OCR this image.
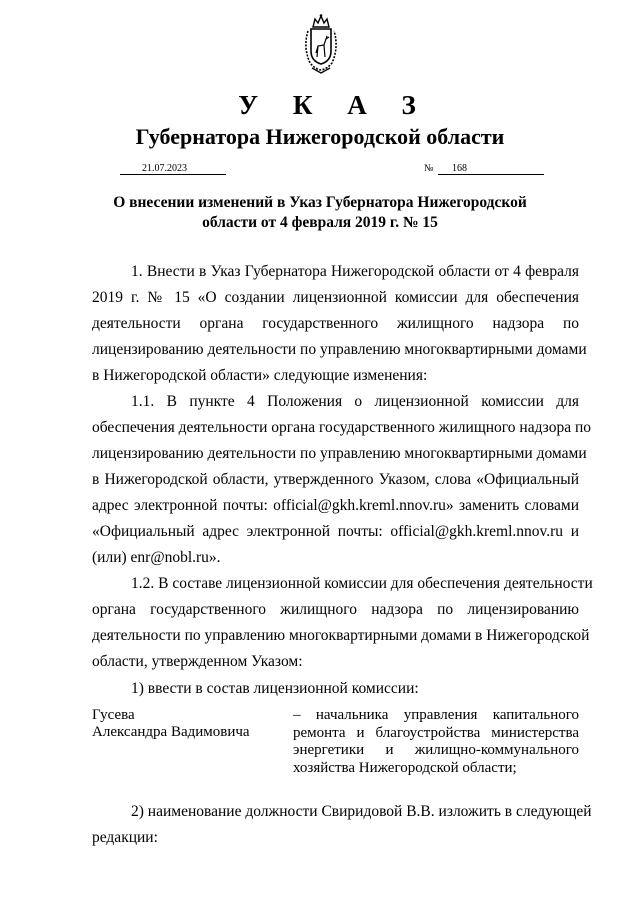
У К А З
Губернатора Нижегородской области
21.07.2023	№	168
О внесении изменений в Указ Губернатора Нижегородской
области от 4 февраля 2019 г. № 15
1. Внести в Указ Губернатора Нижегородской области от 4 февраля
2019 г. № 15 «О создании лицензионной комиссии для обеспечения
деятельности органа государственного жилищного надзора по
лицензированию деятельности по управлению многоквартирными домами
в Нижегородской области» следующие изменения:
1.1. В пункте 4 Положения о лицензионной комиссии для
обеспечения деятельности органа государственного жилищного надзора по
лицензированию деятельности по управлению многоквартирными домами
в Нижегородской области, утвержденного Указом, слова «Официальный
адрес электронной почты: official@gkh.kreml.nnov.ru» заменить словами
«Официальный адрес электронной почты: official@gkh.kreml.nnov.ru и
(или) enr@nobl.ru».
1.2. В составе лицензионной комиссии для обеспечения деятельности
органа государственного жилищного надзора по лицензированию
деятельности по управлению многоквартирными домами в Нижегородской
области, утвержденном Указом:
1) ввести в состав лицензионной комиссии:
Гусева
Александра Вадимовича
– начальника управления капитального
ремонта и благоустройства министерства
энергетики и жилищно-коммунального
хозяйства Нижегородской области;
2) наименование должности Свиридовой В.В. изложить в следующей
редакции:
